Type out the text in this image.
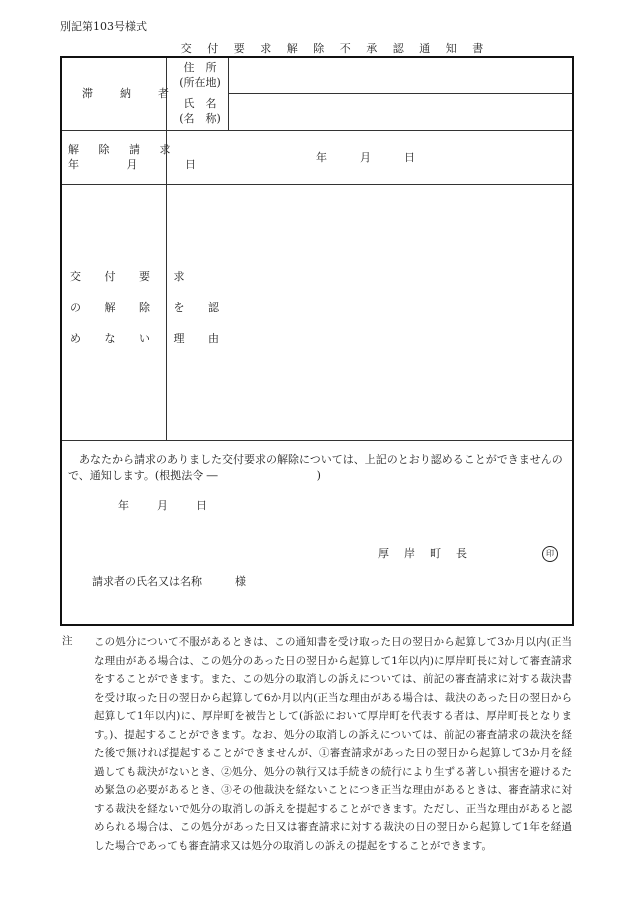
別記第103号様式
交 付 要 求 解 除 不 承 認 通 知 書
滞　納　者
住　所
(所在地)
氏　名
(名　称)
解 除 請 求
年 月 日
年　　　月　　　日
交 付 要 求
の 解 除 を 認
め な い 理 由
あなたから請求のありました交付要求の解除については、上記のとおり認めることができませんので、通知します。(根拠法令 ―　　　　　　　　　)
年　　月　　日
厚　岸　町　長	印
請求者の氏名又は名称　　　様
注 この処分について不服があるときは、この通知書を受け取った日の翌日から起算して3か月以内(正当な理由がある場合は、この処分のあった日の翌日から起算して1年以内)に厚岸町長に対して審査請求をすることができます。また、この処分の取消しの訴えについては、前記の審査請求に対する裁決書を受け取った日の翌日から起算して6か月以内(正当な理由がある場合は、裁決のあった日の翌日から起算して1年以内)に、厚岸町を被告として(訴訟において厚岸町を代表する者は、厚岸町長となります。)、提起することができます。なお、処分の取消しの訴えについては、前記の審査請求の裁決を経た後で無ければ提起することができませんが、①審査請求があった日の翌日から起算して3か月を経過しても裁決がないとき、②処分、処分の執行又は手続きの続行により生ずる著しい損害を避けるため緊急の必要があるとき、③その他裁決を経ないことにつき正当な理由があるときは、審査請求に対する裁決を経ないで処分の取消しの訴えを提起することができます。ただし、正当な理由があると認められる場合は、この処分があった日又は審査請求に対する裁決の日の翌日から起算して1年を経過した場合であっても審査請求又は処分の取消しの訴えの提起をすることができます。
